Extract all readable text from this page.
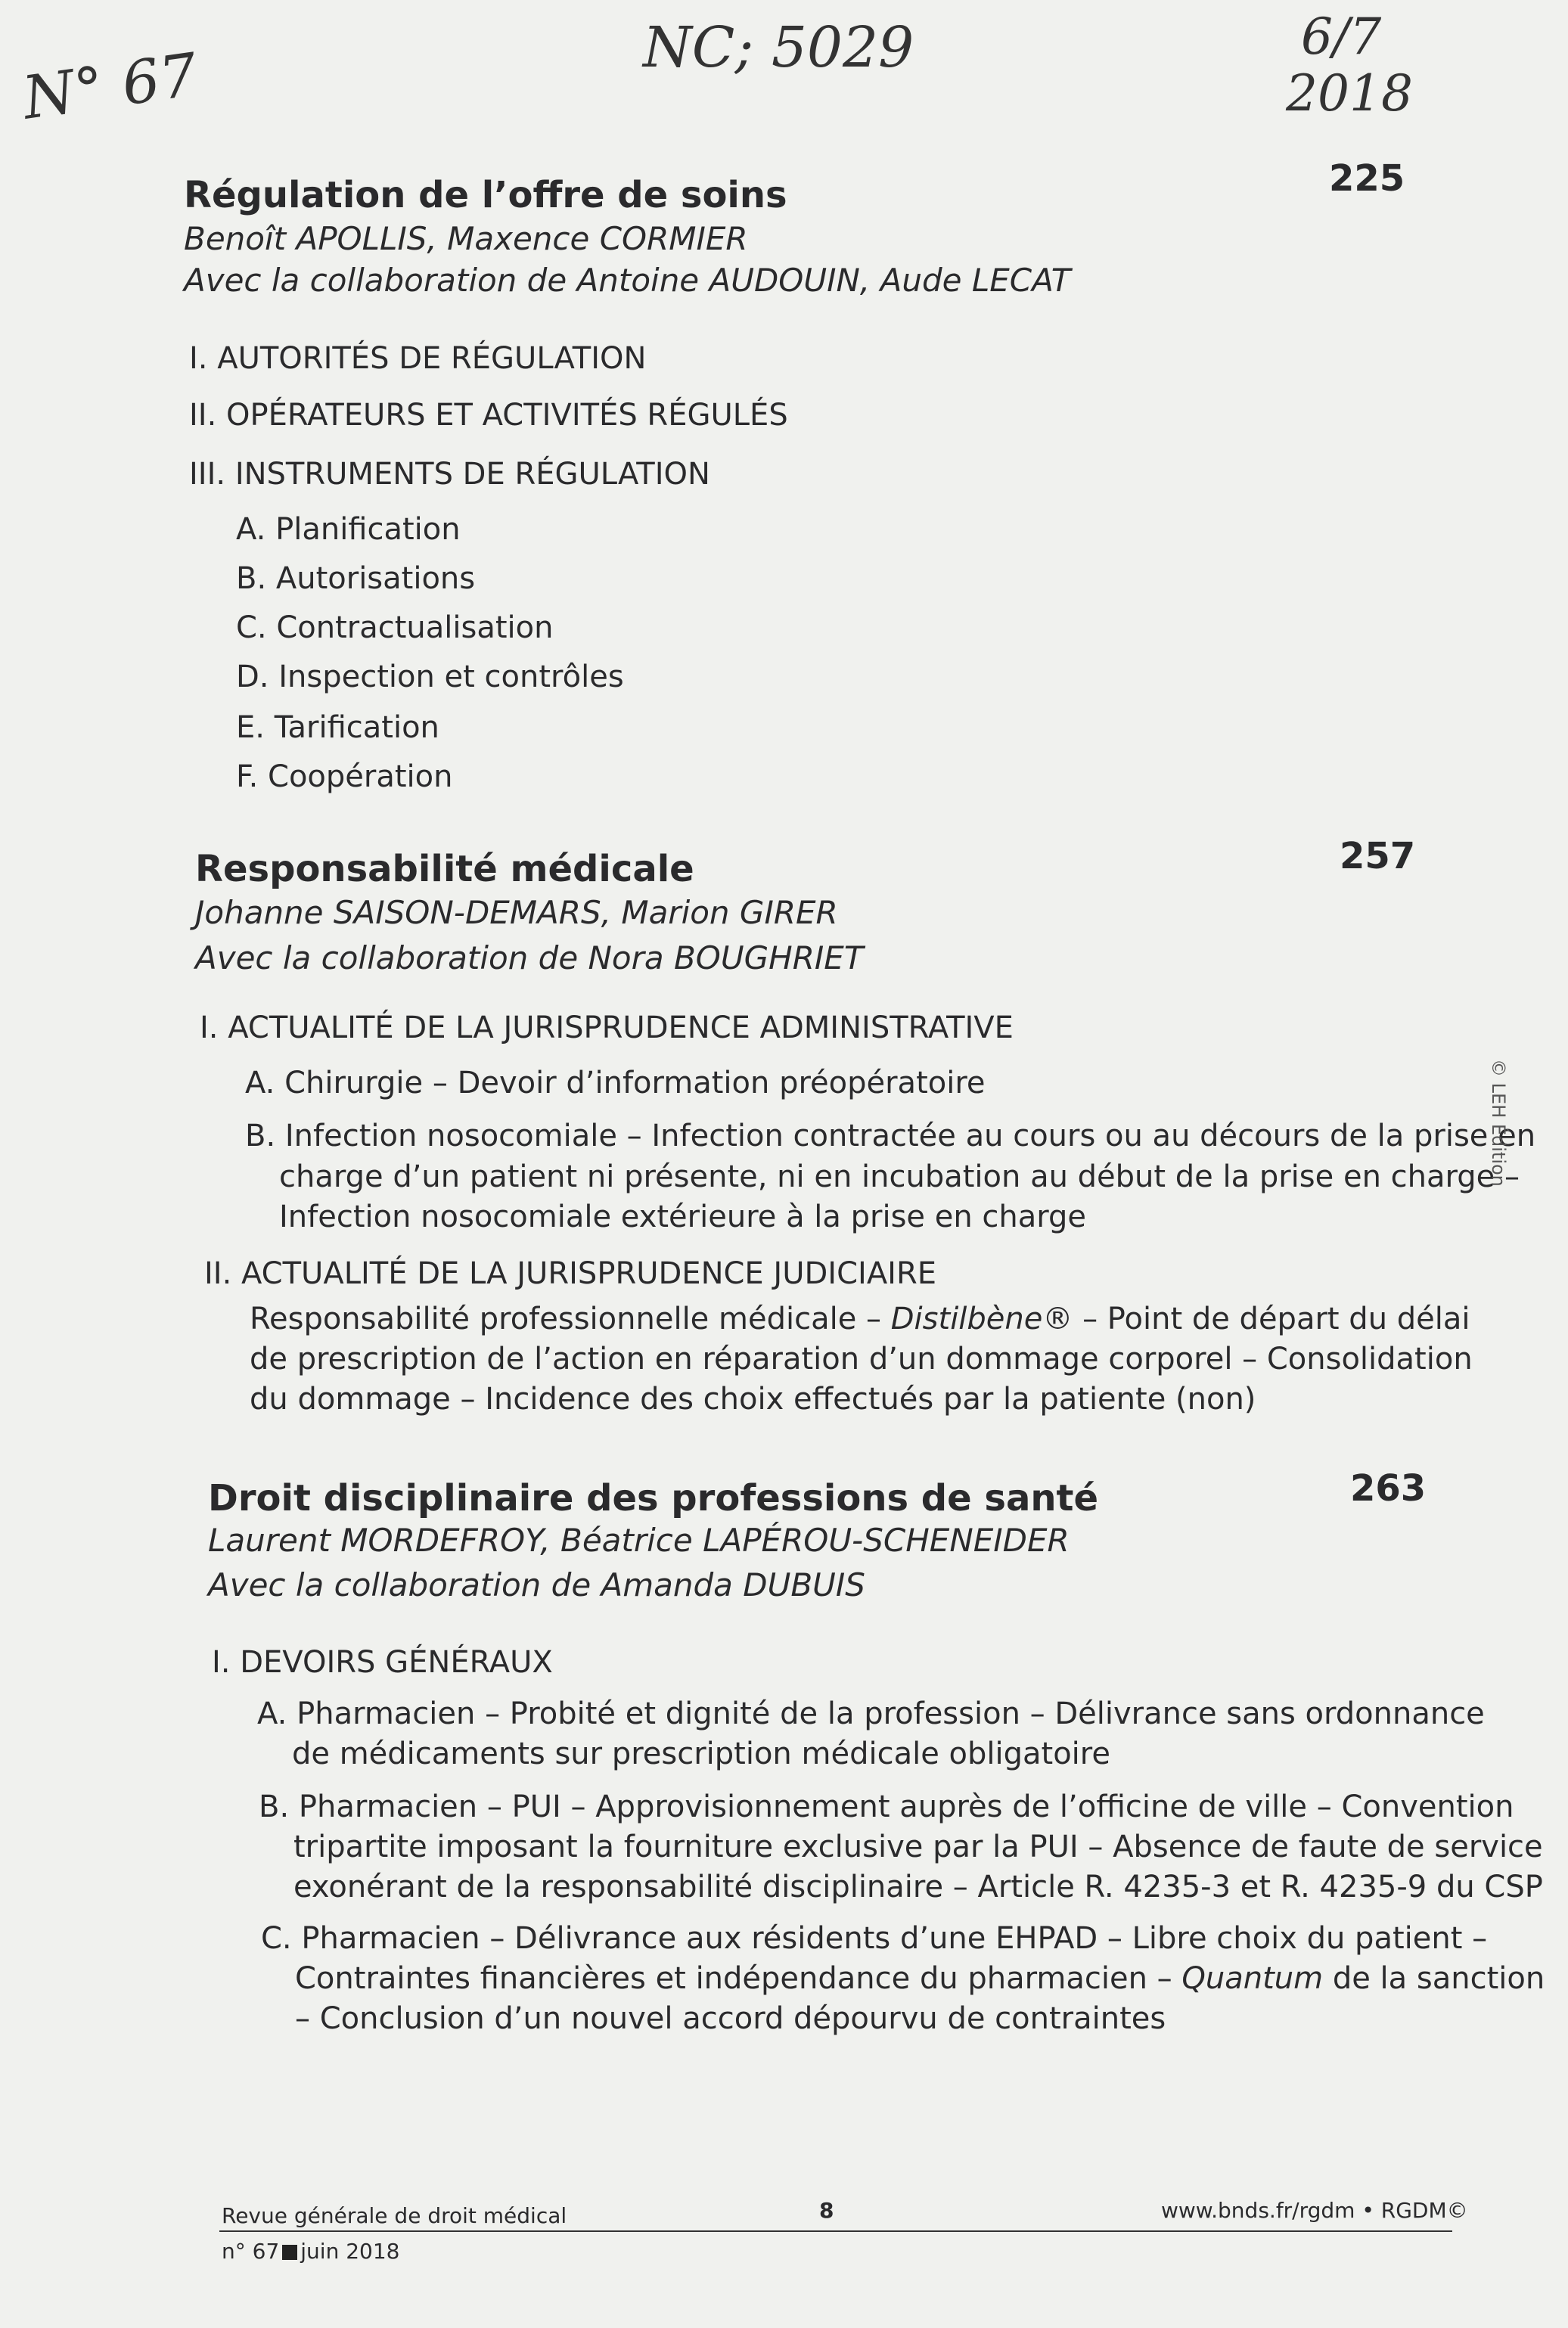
N° 67	NC; 5029	6/7
2018
Régulation de l’offre de soins	225
Benoît APOLLIS, Maxence CORMIER
Avec la collaboration de Antoine AUDOUIN, Aude LECAT
I. AUTORITÉS DE RÉGULATION
II. OPÉRATEURS ET ACTIVITÉS RÉGULÉS
III. INSTRUMENTS DE RÉGULATION
A. Planification
B. Autorisations
C. Contractualisation
D. Inspection et contrôles
E. Tarification
F. Coopération
Responsabilité médicale	257
Johanne SAISON-DEMARS, Marion GIRER
Avec la collaboration de Nora BOUGHRIET
I. ACTUALITÉ DE LA JURISPRUDENCE ADMINISTRATIVE
A. Chirurgie – Devoir d’information préopératoire
B. Infection nosocomiale – Infection contractée au cours ou au décours de la prise en
charge d’un patient ni présente, ni en incubation au début de la prise en charge –
Infection nosocomiale extérieure à la prise en charge
II. ACTUALITÉ DE LA JURISPRUDENCE JUDICIAIRE
Responsabilité professionnelle médicale – Distilbène® – Point de départ du délai
de prescription de l’action en réparation d’un dommage corporel – Consolidation
du dommage – Incidence des choix effectués par la patiente (non)
Droit disciplinaire des professions de santé	263
Laurent MORDEFROY, Béatrice LAPÉROU-SCHENEIDER
Avec la collaboration de Amanda DUBUIS
I. DEVOIRS GÉNÉRAUX
A. Pharmacien – Probité et dignité de la profession – Délivrance sans ordonnance
de médicaments sur prescription médicale obligatoire
B. Pharmacien – PUI – Approvisionnement auprès de l’officine de ville – Convention
tripartite imposant la fourniture exclusive par la PUI – Absence de faute de service
exonérant de la responsabilité disciplinaire – Article R. 4235-3 et R. 4235-9 du CSP
C. Pharmacien – Délivrance aux résidents d’une EHPAD – Libre choix du patient –
Contraintes financières et indépendance du pharmacien – Quantum de la sanction
– Conclusion d’un nouvel accord dépourvu de contraintes
© LEH Édition
Revue générale de droit médical	8	www.bnds.fr/rgdm • RGDM©
n° 67 juin 2018
